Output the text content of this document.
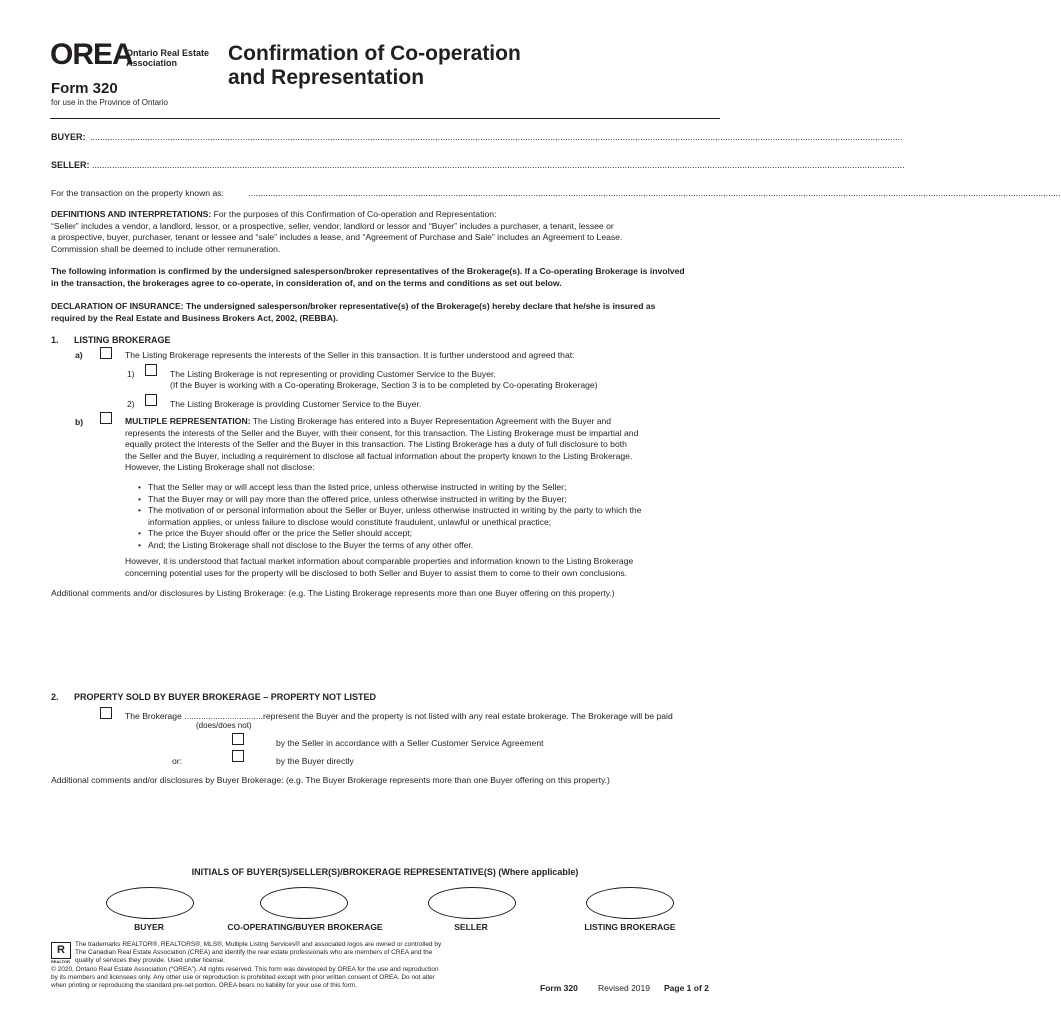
OREA
Ontario Real Estate Association	Confirmation of Co-operation
and Representation
Form 320
for use in the Province of Ontario
BUYER: .....................................................................................................................................................................................................................................................................................................................................
SELLER: .....................................................................................................................................................................................................................................................................................................................................
For the transaction on the property known as:	.....................................................................................................................................................................................................................................................................................................................................
DEFINITIONS AND INTERPRETATIONS: For the purposes of this Confirmation of Co-operation and Representation:
“Seller” includes a vendor, a landlord, lessor, or a prospective, seller, vendor, landlord or lessor and “Buyer” includes a purchaser, a tenant, lessee or
a prospective, buyer, purchaser, tenant or lessee and “sale” includes a lease, and “Agreement of Purchase and Sale” includes an Agreement to Lease.
Commission shall be deemed to include other remuneration.
The following information is confirmed by the undersigned salesperson/broker representatives of the Brokerage(s). If a Co-operating Brokerage is involved
in the transaction, the brokerages agree to co-operate, in consideration of, and on the terms and conditions as set out below.
DECLARATION OF INSURANCE: The undersigned salesperson/broker representative(s) of the Brokerage(s) hereby declare that he/she is insured as
required by the Real Estate and Business Brokers Act, 2002, (REBBA).
1. LISTING BROKERAGE
a)	The Listing Brokerage represents the interests of the Seller in this transaction. It is further understood and agreed that:
1)	The Listing Brokerage is not representing or providing Customer Service to the Buyer.
(If the Buyer is working with a Co-operating Brokerage, Section 3 is to be completed by Co-operating Brokerage)
2)	The Listing Brokerage is providing Customer Service to the Buyer.
b)	MULTIPLE REPRESENTATION: The Listing Brokerage has entered into a Buyer Representation Agreement with the Buyer and
represents the interests of the Seller and the Buyer, with their consent, for this transaction. The Listing Brokerage must be impartial and
equally protect the interests of the Seller and the Buyer in this transaction. The Listing Brokerage has a duty of full disclosure to both
the Seller and the Buyer, including a requirement to disclose all factual information about the property known to the Listing Brokerage.
However, the Listing Brokerage shall not disclose:
• That the Seller may or will accept less than the listed price, unless otherwise instructed in writing by the Seller;
• That the Buyer may or will pay more than the offered price, unless otherwise instructed in writing by the Buyer;
• The motivation of or personal information about the Seller or Buyer, unless otherwise instructed in writing by the party to which the
information applies, or unless failure to disclose would constitute fraudulent, unlawful or unethical practice;
• The price the Buyer should offer or the price the Seller should accept;
• And; the Listing Brokerage shall not disclose to the Buyer the terms of any other offer.
However, it is understood that factual market information about comparable properties and information known to the Listing Brokerage
concerning potential uses for the property will be disclosed to both Seller and Buyer to assist them to come to their own conclusions.
Additional comments and/or disclosures by Listing Brokerage: (e.g. The Listing Brokerage represents more than one Buyer offering on this property.)
2. PROPERTY SOLD BY BUYER BROKERAGE – PROPERTY NOT LISTED
The Brokerage .................................represent the Buyer and the property is not listed with any real estate brokerage. The Brokerage will be paid
(does/does not)
by the Seller in accordance with a Seller Customer Service Agreement
or:	by the Buyer directly
Additional comments and/or disclosures by Buyer Brokerage: (e.g. The Buyer Brokerage represents more than one Buyer offering on this property.)
INITIALS OF BUYER(S)/SELLER(S)/BROKERAGE REPRESENTATIVE(S) (Where applicable)
BUYER	CO-OPERATING/BUYER BROKERAGE	SELLER	LISTING BROKERAGE
R
REALTOR
The trademarks REALTOR®, REALTORS®, MLS®, Multiple Listing Services® and associated logos are owned or controlled by
The Canadian Real Estate Association (CREA) and identify the real estate professionals who are members of CREA and the
quality of services they provide. Used under license.
© 2020, Ontario Real Estate Association (“OREA”). All rights reserved. This form was developed by OREA for the use and reproduction
by its members and licensees only. Any other use or reproduction is prohibited except with prior written consent of OREA. Do not alter
when printing or reproducing the standard pre-set portion. OREA bears no liability for your use of this form.	Form 320 Revised 2019 Page 1 of 2
